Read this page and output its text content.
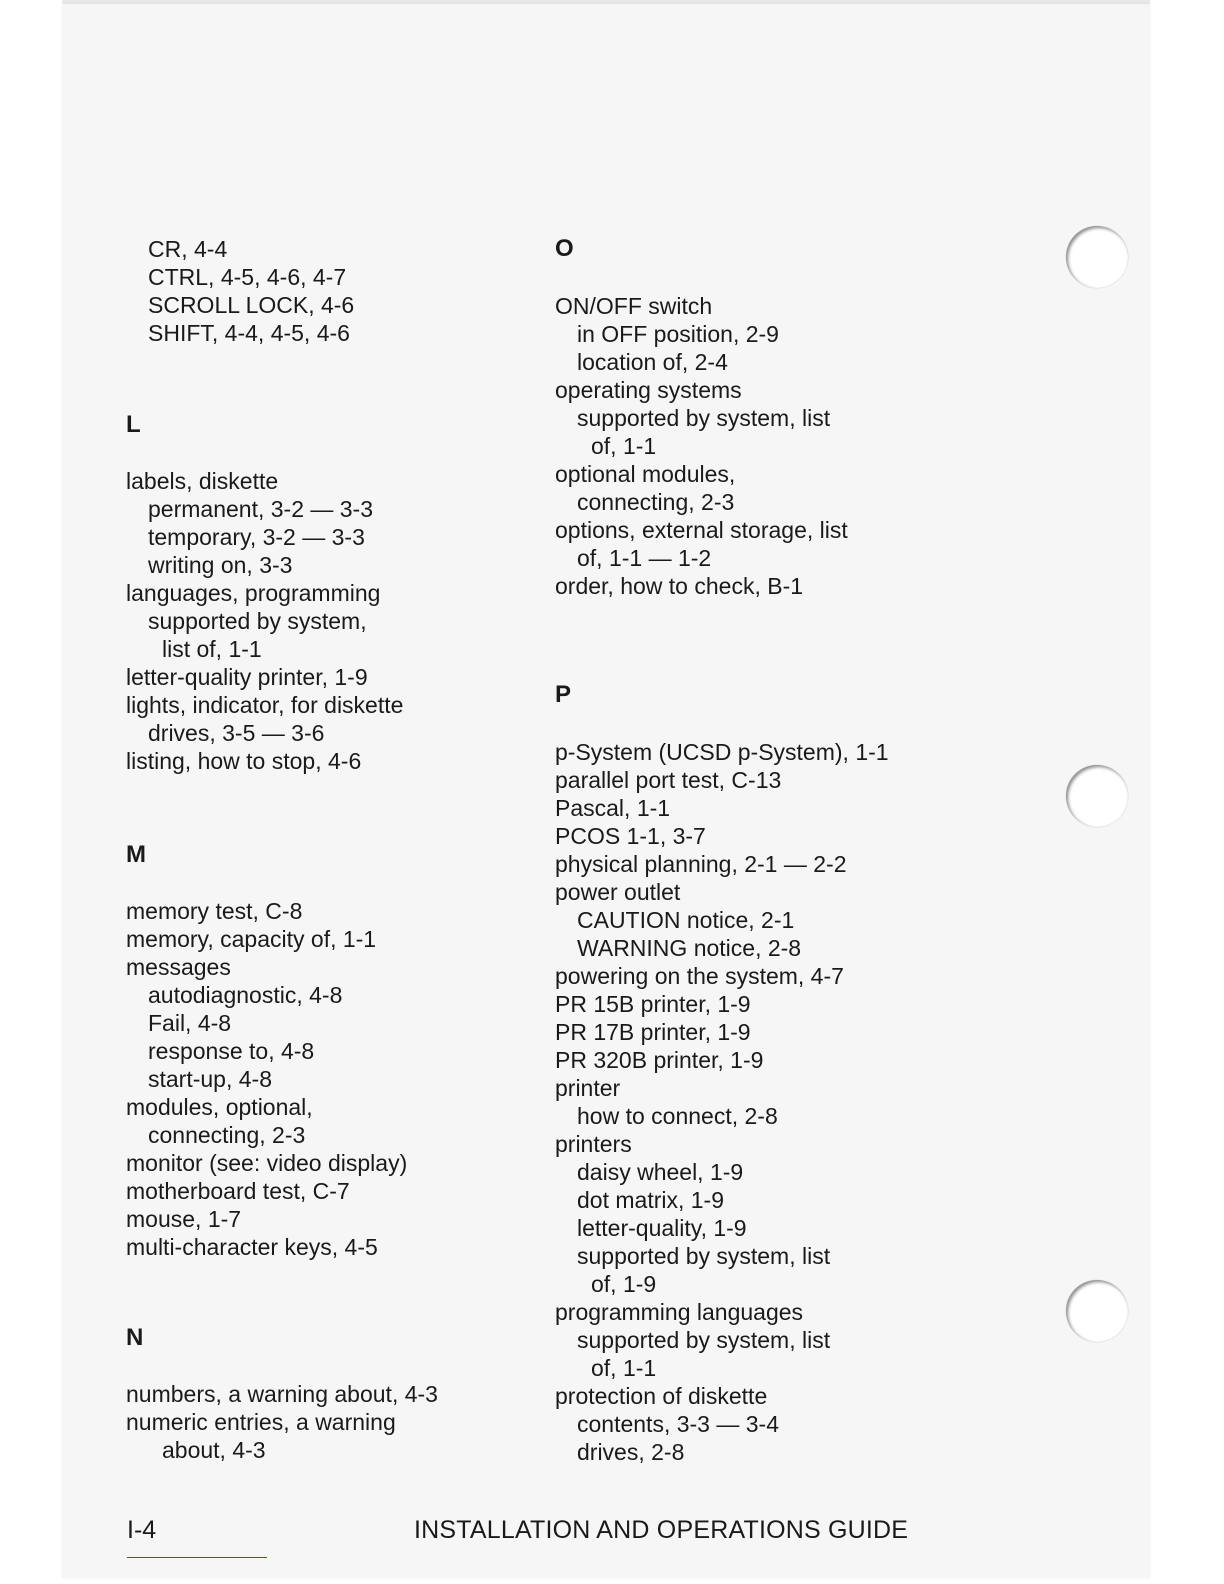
CR, 4-4
CTRL, 4-5, 4-6, 4-7
SCROLL LOCK, 4-6
SHIFT, 4-4, 4-5, 4-6
L
labels, diskette
permanent, 3-2 — 3-3
temporary, 3-2 — 3-3
writing on, 3-3
languages, programming
supported by system,
list of, 1-1
letter-quality printer, 1-9
lights, indicator, for diskette
drives, 3-5 — 3-6
listing, how to stop, 4-6
M
memory test, C-8
memory, capacity of, 1-1
messages
autodiagnostic, 4-8
Fail, 4-8
response to, 4-8
start-up, 4-8
modules, optional,
connecting, 2-3
monitor (see: video display)
motherboard test, C-7
mouse, 1-7
multi-character keys, 4-5
N
numbers, a warning about, 4-3
numeric entries, a warning
about, 4-3
O
ON/OFF switch
in OFF position, 2-9
location of, 2-4
operating systems
supported by system, list
of, 1-1
optional modules,
connecting, 2-3
options, external storage, list
of, 1-1 — 1-2
order, how to check, B-1
P
p-System (UCSD p-System), 1-1
parallel port test, C-13
Pascal, 1-1
PCOS 1-1, 3-7
physical planning, 2-1 — 2-2
power outlet
CAUTION notice, 2-1
WARNING notice, 2-8
powering on the system, 4-7
PR 15B printer, 1-9
PR 17B printer, 1-9
PR 320B printer, 1-9
printer
how to connect, 2-8
printers
daisy wheel, 1-9
dot matrix, 1-9
letter-quality, 1-9
supported by system, list
of, 1-9
programming languages
supported by system, list
of, 1-1
protection of diskette
contents, 3-3 — 3-4
drives, 2-8
I-4	INSTALLATION AND OPERATIONS GUIDE
